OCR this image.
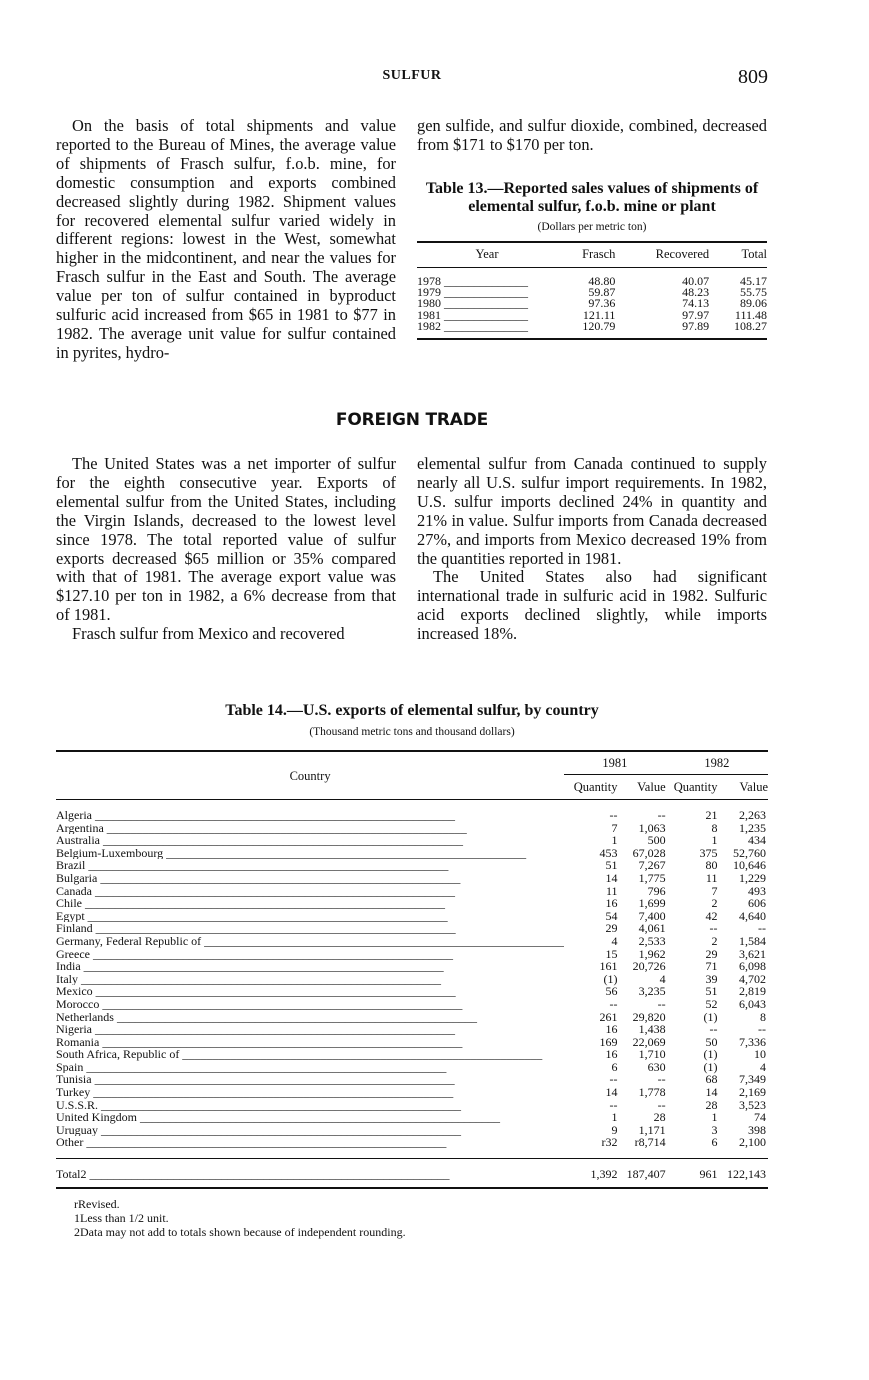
SULFUR	809

On the basis of total shipments and value reported to the Bureau of Mines, the average value of shipments of Frasch sulfur, f.o.b. mine, for domestic consumption and exports combined decreased slightly during 1982. Shipment values for recovered elemental sulfur varied widely in different regions: lowest in the West, somewhat higher in the midcontinent, and near the values for Frasch sulfur in the East and South. The average value per ton of sulfur contained in byproduct sulfuric acid increased from $65 in 1981 to $77 in 1982. The average unit value for sulfur contained in pyrites, hydro-

gen sulfide, and sulfur dioxide, combined, decreased from $171 to $170 per ton.

Table 13.—Reported sales values of shipments of elemental sulfur, f.o.b. mine or plant
(Dollars per metric ton)
Year	Frasch	Recovered	Total
1978 ______________	48.80	40.07	45.17
1979 ______________	59.87	48.23	55.75
1980 ______________	97.36	74.13	89.06
1981 ______________	121.11	97.97	111.48
1982 ______________	120.79	97.89	108.27
FOREIGN TRADE

The United States was a net importer of sulfur for the eighth consecutive year. Exports of elemental sulfur from the United States, including the Virgin Islands, decreased to the lowest level since 1978. The total reported value of sulfur exports decreased $65 million or 35% compared with that of 1981. The average export value was $127.10 per ton in 1982, a 6% decrease from that of 1981.

Frasch sulfur from Mexico and recovered

elemental sulfur from Canada continued to supply nearly all U.S. sulfur import requirements. In 1982, U.S. sulfur imports declined 24% in quantity and 21% in value. Sulfur imports from Canada decreased 27%, and imports from Mexico decreased 19% from the quantities reported in 1981.

The United States also had significant international trade in sulfuric acid in 1982. Sulfuric acid exports declined slightly, while imports increased 18%.

Table 14.—U.S. exports of elemental sulfur, by country
(Thousand metric tons and thousand dollars)
Country	1981		1982	
	Quantity	Value	Quantity	Value
Algeria ____________________________________________________________	--	--	21	2,263
Argentina ____________________________________________________________	7	1,063	8	1,235
Australia ____________________________________________________________	1	500	1	434
Belgium-Luxembourg ____________________________________________________________	453	67,028	375	52,760
Brazil ____________________________________________________________	51	7,267	80	10,646
Bulgaria ____________________________________________________________	14	1,775	11	1,229
Canada ____________________________________________________________	11	796	7	493
Chile ____________________________________________________________	16	1,699	2	606
Egypt ____________________________________________________________	54	7,400	42	4,640
Finland ____________________________________________________________	29	4,061	--	--
Germany, Federal Republic of ____________________________________________________________	4	2,533	2	1,584
Greece ____________________________________________________________	15	1,962	29	3,621
India ____________________________________________________________	161	20,726	71	6,098
Italy ____________________________________________________________	(1)	4	39	4,702
Mexico ____________________________________________________________	56	3,235	51	2,819
Morocco ____________________________________________________________	--	--	52	6,043
Netherlands ____________________________________________________________	261	29,820	(1)	8
Nigeria ____________________________________________________________	16	1,438	--	--
Romania ____________________________________________________________	169	22,069	50	7,336
South Africa, Republic of ____________________________________________________________	16	1,710	(1)	10
Spain ____________________________________________________________	6	630	(1)	4
Tunisia ____________________________________________________________	--	--	68	7,349
Turkey ____________________________________________________________	14	1,778	14	2,169
U.S.S.R. ____________________________________________________________	--	--	28	3,523
United Kingdom ____________________________________________________________	1	28	1	74
Uruguay ____________________________________________________________	9	1,171	3	398
Other ____________________________________________________________	r32	r8,714	6	2,100
Total2 ____________________________________________________________	1,392	187,407	961	122,143
rRevised.
1Less than 1/2 unit.
2Data may not add to totals shown because of independent rounding.
